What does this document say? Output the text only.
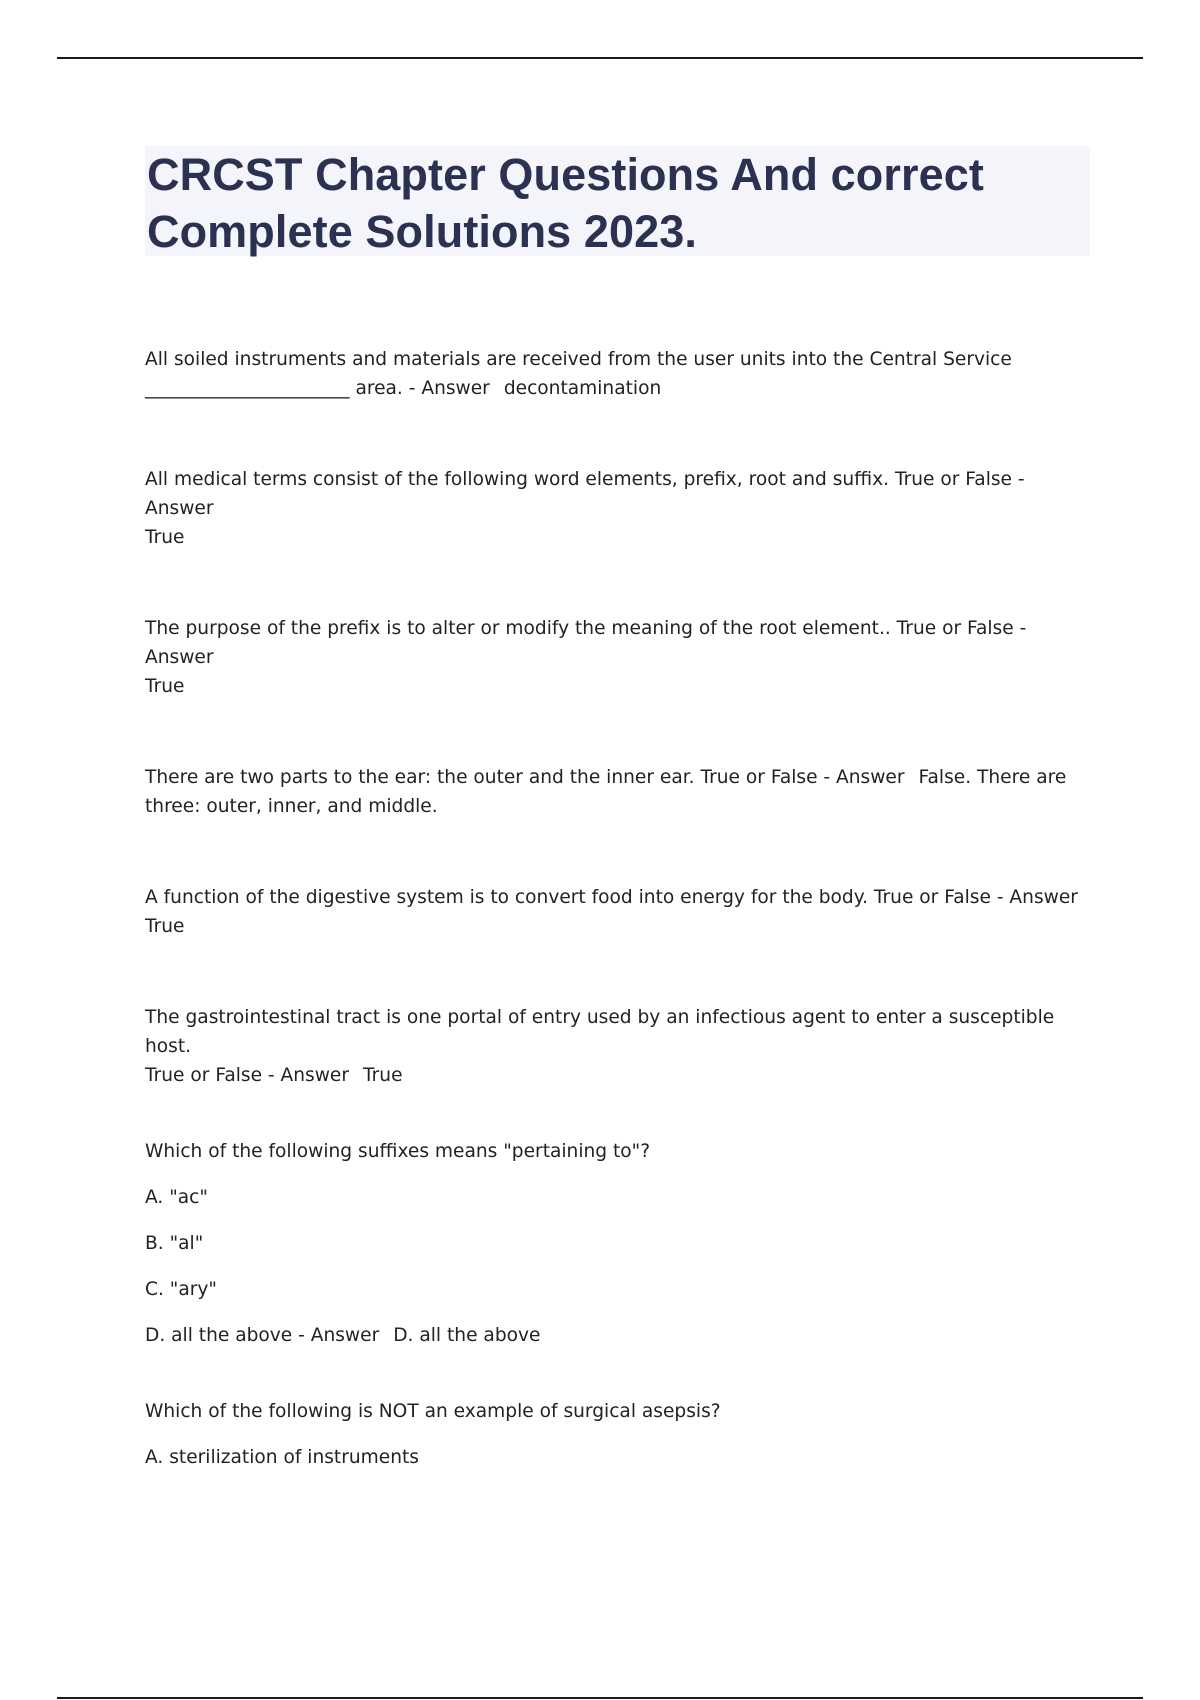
CRCST Chapter Questions And correct Complete Solutions 2023.

All soiled instruments and materials are received from the user units into the Central Service

______________________ area. - Answer decontamination

All medical terms consist of the following word elements, prefix, root and suffix. True or False - Answer

True

The purpose of the prefix is to alter or modify the meaning of the root element.. True or False - Answer

True

There are two parts to the ear: the outer and the inner ear. True or False - Answer False. There are

three: outer, inner, and middle.

A function of the digestive system is to convert food into energy for the body. True or False - Answer

True

The gastrointestinal tract is one portal of entry used by an infectious agent to enter a susceptible host.

True or False - Answer True

Which of the following suffixes means "pertaining to"?

A. "ac"

B. "al"

C. "ary"

D. all the above - Answer D. all the above

Which of the following is NOT an example of surgical asepsis?

A. sterilization of instruments
